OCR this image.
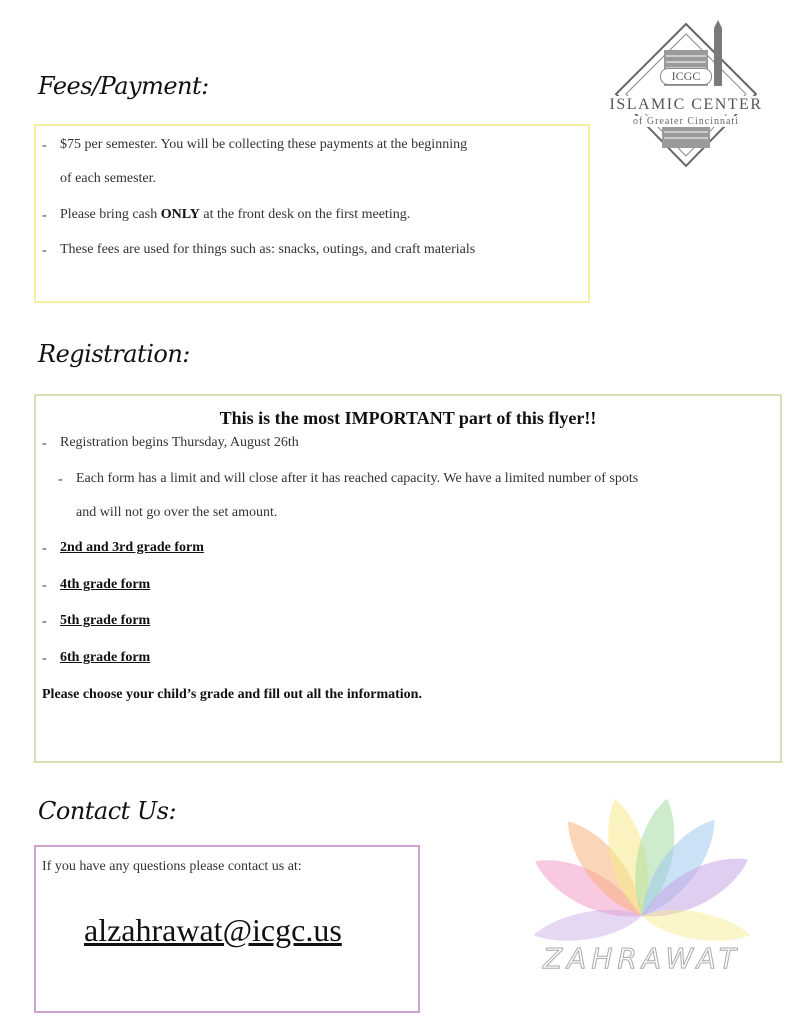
ICGC
ISLAMIC CENTER
of Greater Cincinnati
Fees/Payment:
- $75 per semester. You will be collecting these payments at the beginning
of each semester.
- Please bring cash ONLY at the front desk on the first meeting.
- These fees are used for things such as: snacks, outings, and craft materials
Registration:
This is the most IMPORTANT part of this flyer!!
- Registration begins Thursday, August 26th
- Each form has a limit and will close after it has reached capacity. We have a limited number of spots
and will not go over the set amount.
- 2nd and 3rd grade form
- 4th grade form
- 5th grade form
- 6th grade form
Please choose your child’s grade and fill out all the information.
Contact Us:
If you have any questions please contact us at:
alzahrawat@icgc.us
ZAHRAWAT
